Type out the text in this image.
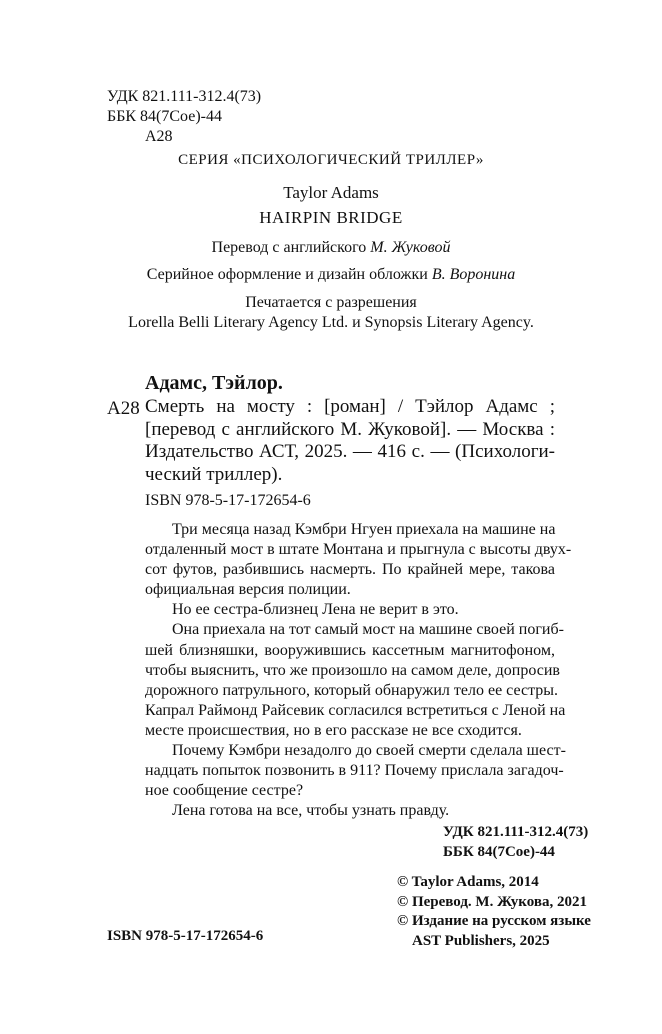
УДК 821.111-312.4(73)
ББК 84(7Сое)-44
А28
СЕРИЯ «ПСИХОЛОГИЧЕСКИЙ ТРИЛЛЕР»
Taylor Adams
HAIRPIN BRIDGE
Перевод с английского М. Жуковой
Серийное оформление и дизайн обложки В. Воронина
Печатается с разрешения
Lorella Belli Literary Agency Ltd. и Synopsis Literary Agency.
Адамс, Тэйлор.
А28 Смерть на мосту : [роман] / Тэйлор Адамс ;
[перевод с английского М. Жуковой]. — Москва :
Издательство АСТ, 2025. — 416 с. — (Психологи-
ческий триллер).
ISBN 978-5-17-172654-6
Три месяца назад Кэмбри Нгуен приехала на машине на
отдаленный мост в штате Монтана и прыгнула с высоты двух-
сот футов, разбившись насмерть. По крайней мере, такова
официальная версия полиции.
Но ее сестра-близнец Лена не верит в это.
Она приехала на тот самый мост на машине своей погиб-
шей близняшки, вооружившись кассетным магнитофоном,
чтобы выяснить, что же произошло на самом деле, допросив
дорожного патрульного, который обнаружил тело ее сестры.
Капрал Раймонд Райсевик согласился встретиться с Леной на
месте происшествия, но в его рассказе не все сходится.
Почему Кэмбри незадолго до своей смерти сделала шест-
надцать попыток позвонить в 911? Почему прислала загадоч-
ное сообщение сестре?
Лена готова на все, чтобы узнать правду.
УДК 821.111-312.4(73)
ББК 84(7Сое)-44
© Taylor Adams, 2014
© Перевод. М. Жукова, 2021
© Издание на русском языке
AST Publishers, 2025
ISBN 978-5-17-172654-6
